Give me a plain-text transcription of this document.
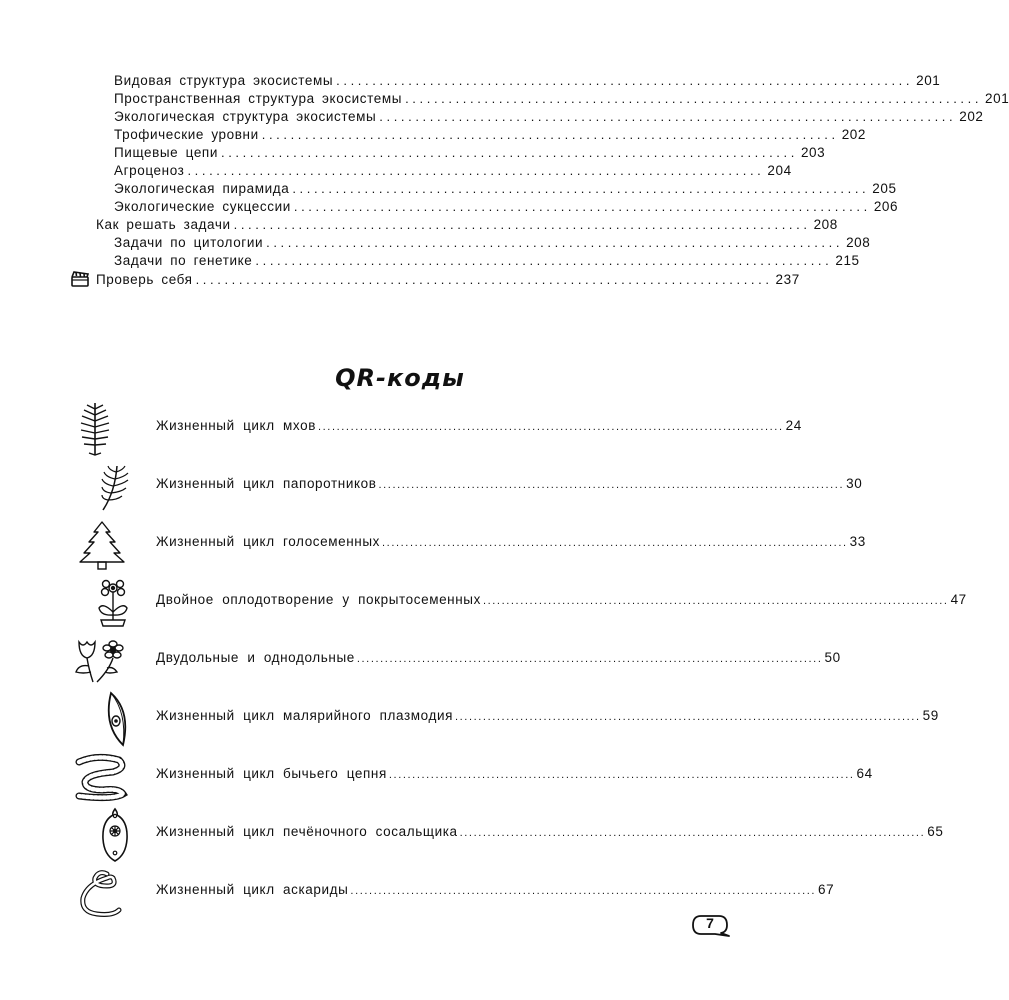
Видовая структура экосистемы ................................................................................ 201
Пространственная структура экосистемы ................................................................................ 201
Экологическая структура экосистемы ................................................................................ 202
Трофические уровни ................................................................................ 202
Пищевые цепи ................................................................................ 203
Агроценоз ................................................................................ 204
Экологическая пирамида ................................................................................ 205
Экологические сукцессии ................................................................................ 206
Как решать задачи ................................................................................ 208
Задачи по цитологии ................................................................................ 208
Задачи по генетике ................................................................................ 215
Проверь себя ................................................................................ 237
QR-коды
Жизненный цикл мхов .................................................................................................... 24
Жизненный цикл папоротников .................................................................................................... 30
Жизненный цикл голосеменных .................................................................................................... 33
Двойное оплодотворение у покрытосеменных .................................................................................................... 47
Двудольные и однодольные .................................................................................................... 50
Жизненный цикл малярийного плазмодия .................................................................................................... 59
Жизненный цикл бычьего цепня .................................................................................................... 64
Жизненный цикл печёночного сосальщика .................................................................................................... 65
Жизненный цикл аскариды .................................................................................................... 67
7
